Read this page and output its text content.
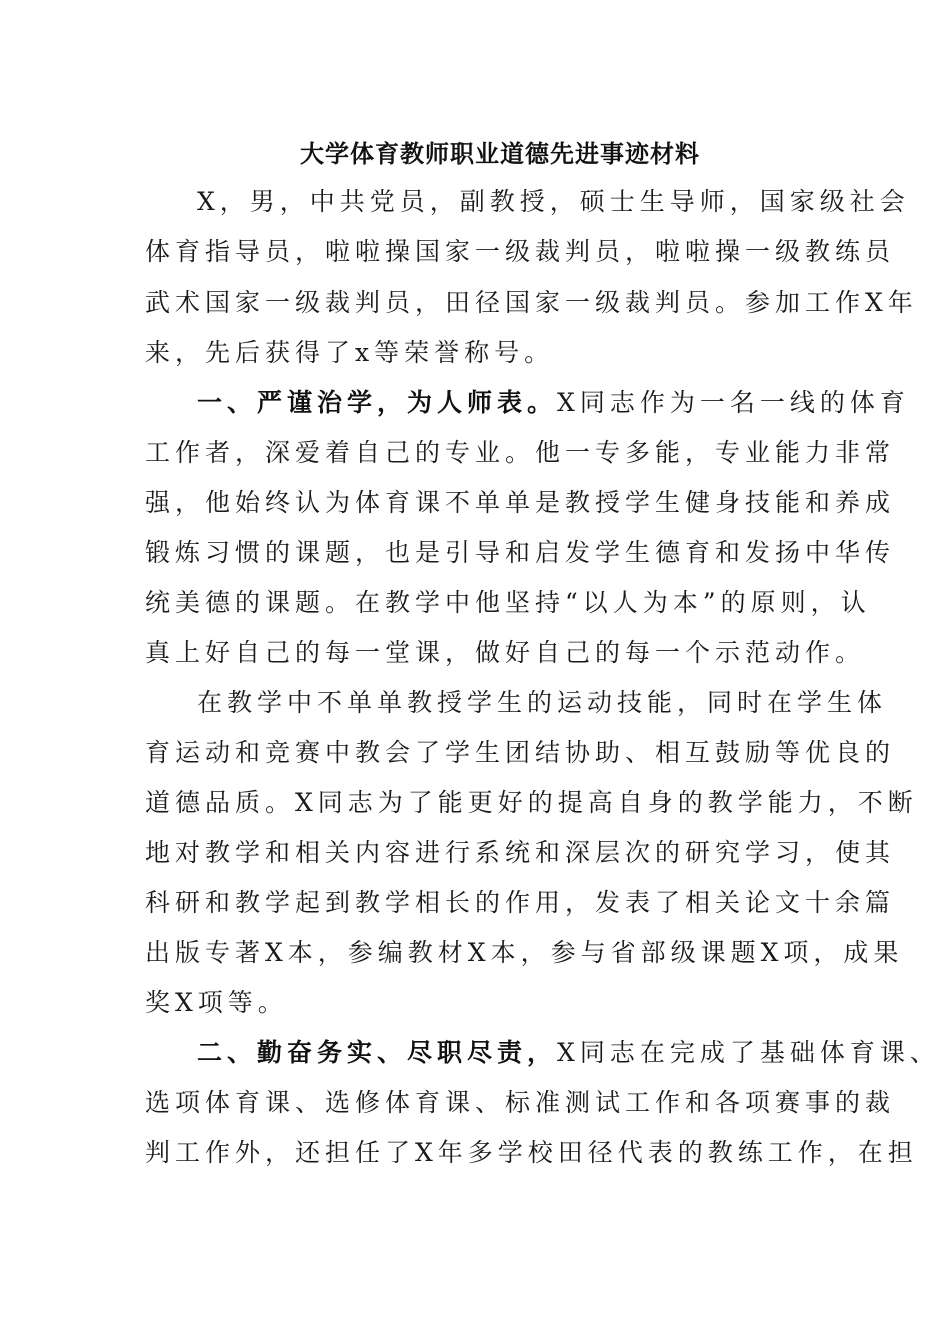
大学体育教师职业道德先进事迹材料

X，男，中共党员，副教授，硕士生导师，国家级社会

体育指导员，啦啦操国家一级裁判员，啦啦操一级教练员

武术国家一级裁判员，田径国家一级裁判员。参加工作X年

来，先后获得了x等荣誉称号。

一、严谨治学，为人师表。X同志作为一名一线的体育

工作者，深爱着自己的专业。他一专多能，专业能力非常

强，他始终认为体育课不单单是教授学生健身技能和养成

锻炼习惯的课题，也是引导和启发学生德育和发扬中华传

统美德的课题。在教学中他坚持“以人为本”的原则，认

真上好自己的每一堂课，做好自己的每一个示范动作。

在教学中不单单教授学生的运动技能，同时在学生体

育运动和竞赛中教会了学生团结协助、相互鼓励等优良的

道德品质。X同志为了能更好的提高自身的教学能力，不断

地对教学和相关内容进行系统和深层次的研究学习，使其

科研和教学起到教学相长的作用，发表了相关论文十余篇

出版专著X本，参编教材X本，参与省部级课题X项，成果

奖X项等。

二、勤奋务实、尽职尽责，X同志在完成了基础体育课、

选项体育课、选修体育课、标准测试工作和各项赛事的裁

判工作外，还担任了X年多学校田径代表的教练工作，在担
